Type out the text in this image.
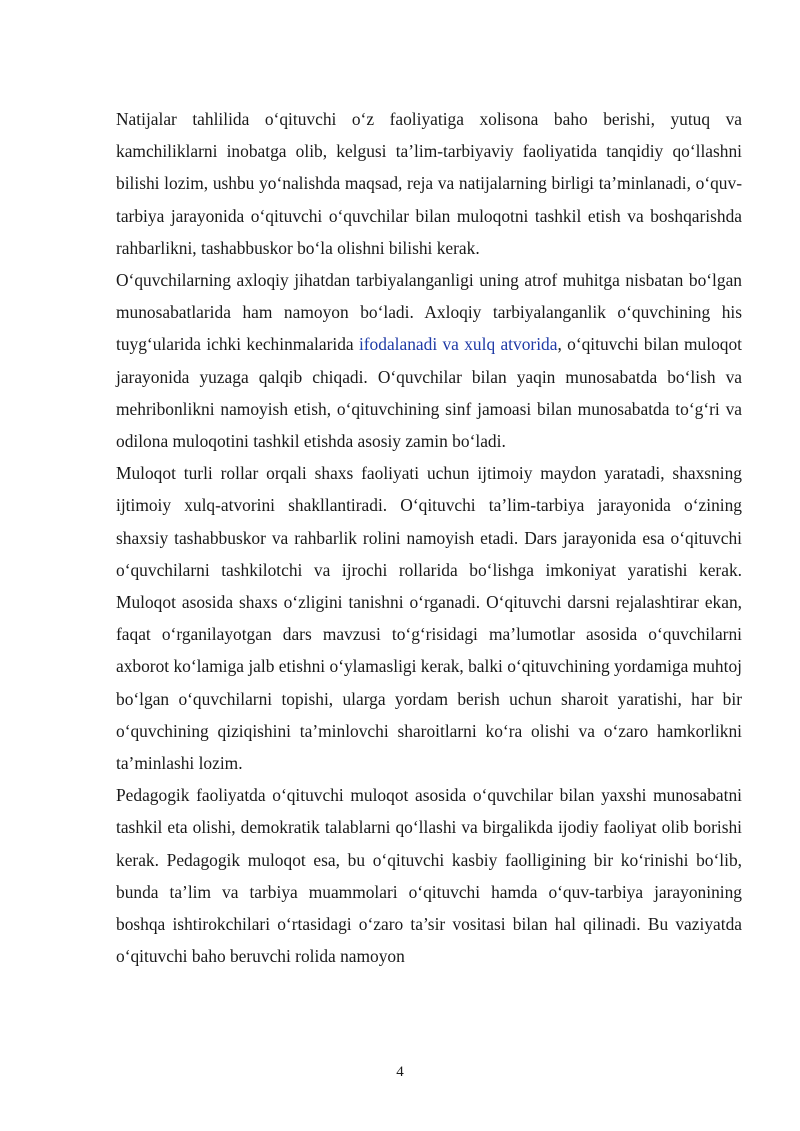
Natijalar tahlilida o‘qituvchi o‘z faoliyatiga xolisona baho berishi, yutuq va kamchiliklarni inobatga olib, kelgusi ta’lim-tarbiyaviy faoliyatida tanqidiy qo‘llashni bilishi lozim, ushbu yo‘nalishda maqsad, reja va natijalarning birligi ta’minlanadi, o‘quv-tarbiya jarayonida o‘qituvchi o‘quvchilar bilan muloqotni tashkil etish va boshqarishda rahbarlikni, tashabbuskor bo‘la olishni bilishi kerak.

O‘quvchilarning axloqiy jihatdan tarbiyalanganligi uning atrof muhitga nisbatan bo‘lgan munosabatlarida ham namoyon bo‘ladi. Axloqiy tarbiyalanganlik o‘quvchining his tuyg‘ularida ichki kechinmalarida ifodalanadi va xulq atvorida, o‘qituvchi bilan muloqot jarayonida yuzaga qalqib chiqadi. O‘quvchilar bilan yaqin munosabatda bo‘lish va mehribonlikni namoyish etish, o‘qituvchining sinf jamoasi bilan munosabatda to‘g‘ri va odilona muloqotini tashkil etishda asosiy zamin bo‘ladi.

Muloqot turli rollar orqali shaxs faoliyati uchun ijtimoiy maydon yaratadi, shaxsning ijtimoiy xulq-atvorini shakllantiradi. O‘qituvchi ta’lim-tarbiya jarayonida o‘zining shaxsiy tashabbuskor va rahbarlik rolini namoyish etadi. Dars jarayonida esa o‘qituvchi o‘quvchilarni tashkilotchi va ijrochi rollarida bo‘lishga imkoniyat yaratishi kerak. Muloqot asosida shaxs o‘zligini tanishni o‘rganadi. O‘qituvchi darsni rejalashtirar ekan, faqat o‘rganilayotgan dars mavzusi to‘g‘risidagi ma’lumotlar asosida o‘quvchilarni axborot ko‘lamiga jalb etishni o‘ylamasligi kerak, balki o‘qituvchining yordamiga muhtoj bo‘lgan o‘quvchilarni topishi, ularga yordam berish uchun sharoit yaratishi, har bir o‘quvchining qiziqishini ta’minlovchi sharoitlarni ko‘ra olishi va o‘zaro hamkorlikni ta’minlashi lozim.

Pedagogik faoliyatda o‘qituvchi muloqot asosida o‘quvchilar bilan yaxshi munosabatni tashkil eta olishi, demokratik talablarni qo‘llashi va birgalikda ijodiy faoliyat olib borishi kerak. Pedagogik muloqot esa, bu o‘qituvchi kasbiy faolligining bir ko‘rinishi bo‘lib, bunda ta’lim va tarbiya muammolari o‘qituvchi hamda o‘quv-tarbiya jarayonining boshqa ishtirokchilari o‘rtasidagi o‘zaro ta’sir vositasi bilan hal qilinadi. Bu vaziyatda o‘qituvchi baho beruvchi rolida namoyon

4
